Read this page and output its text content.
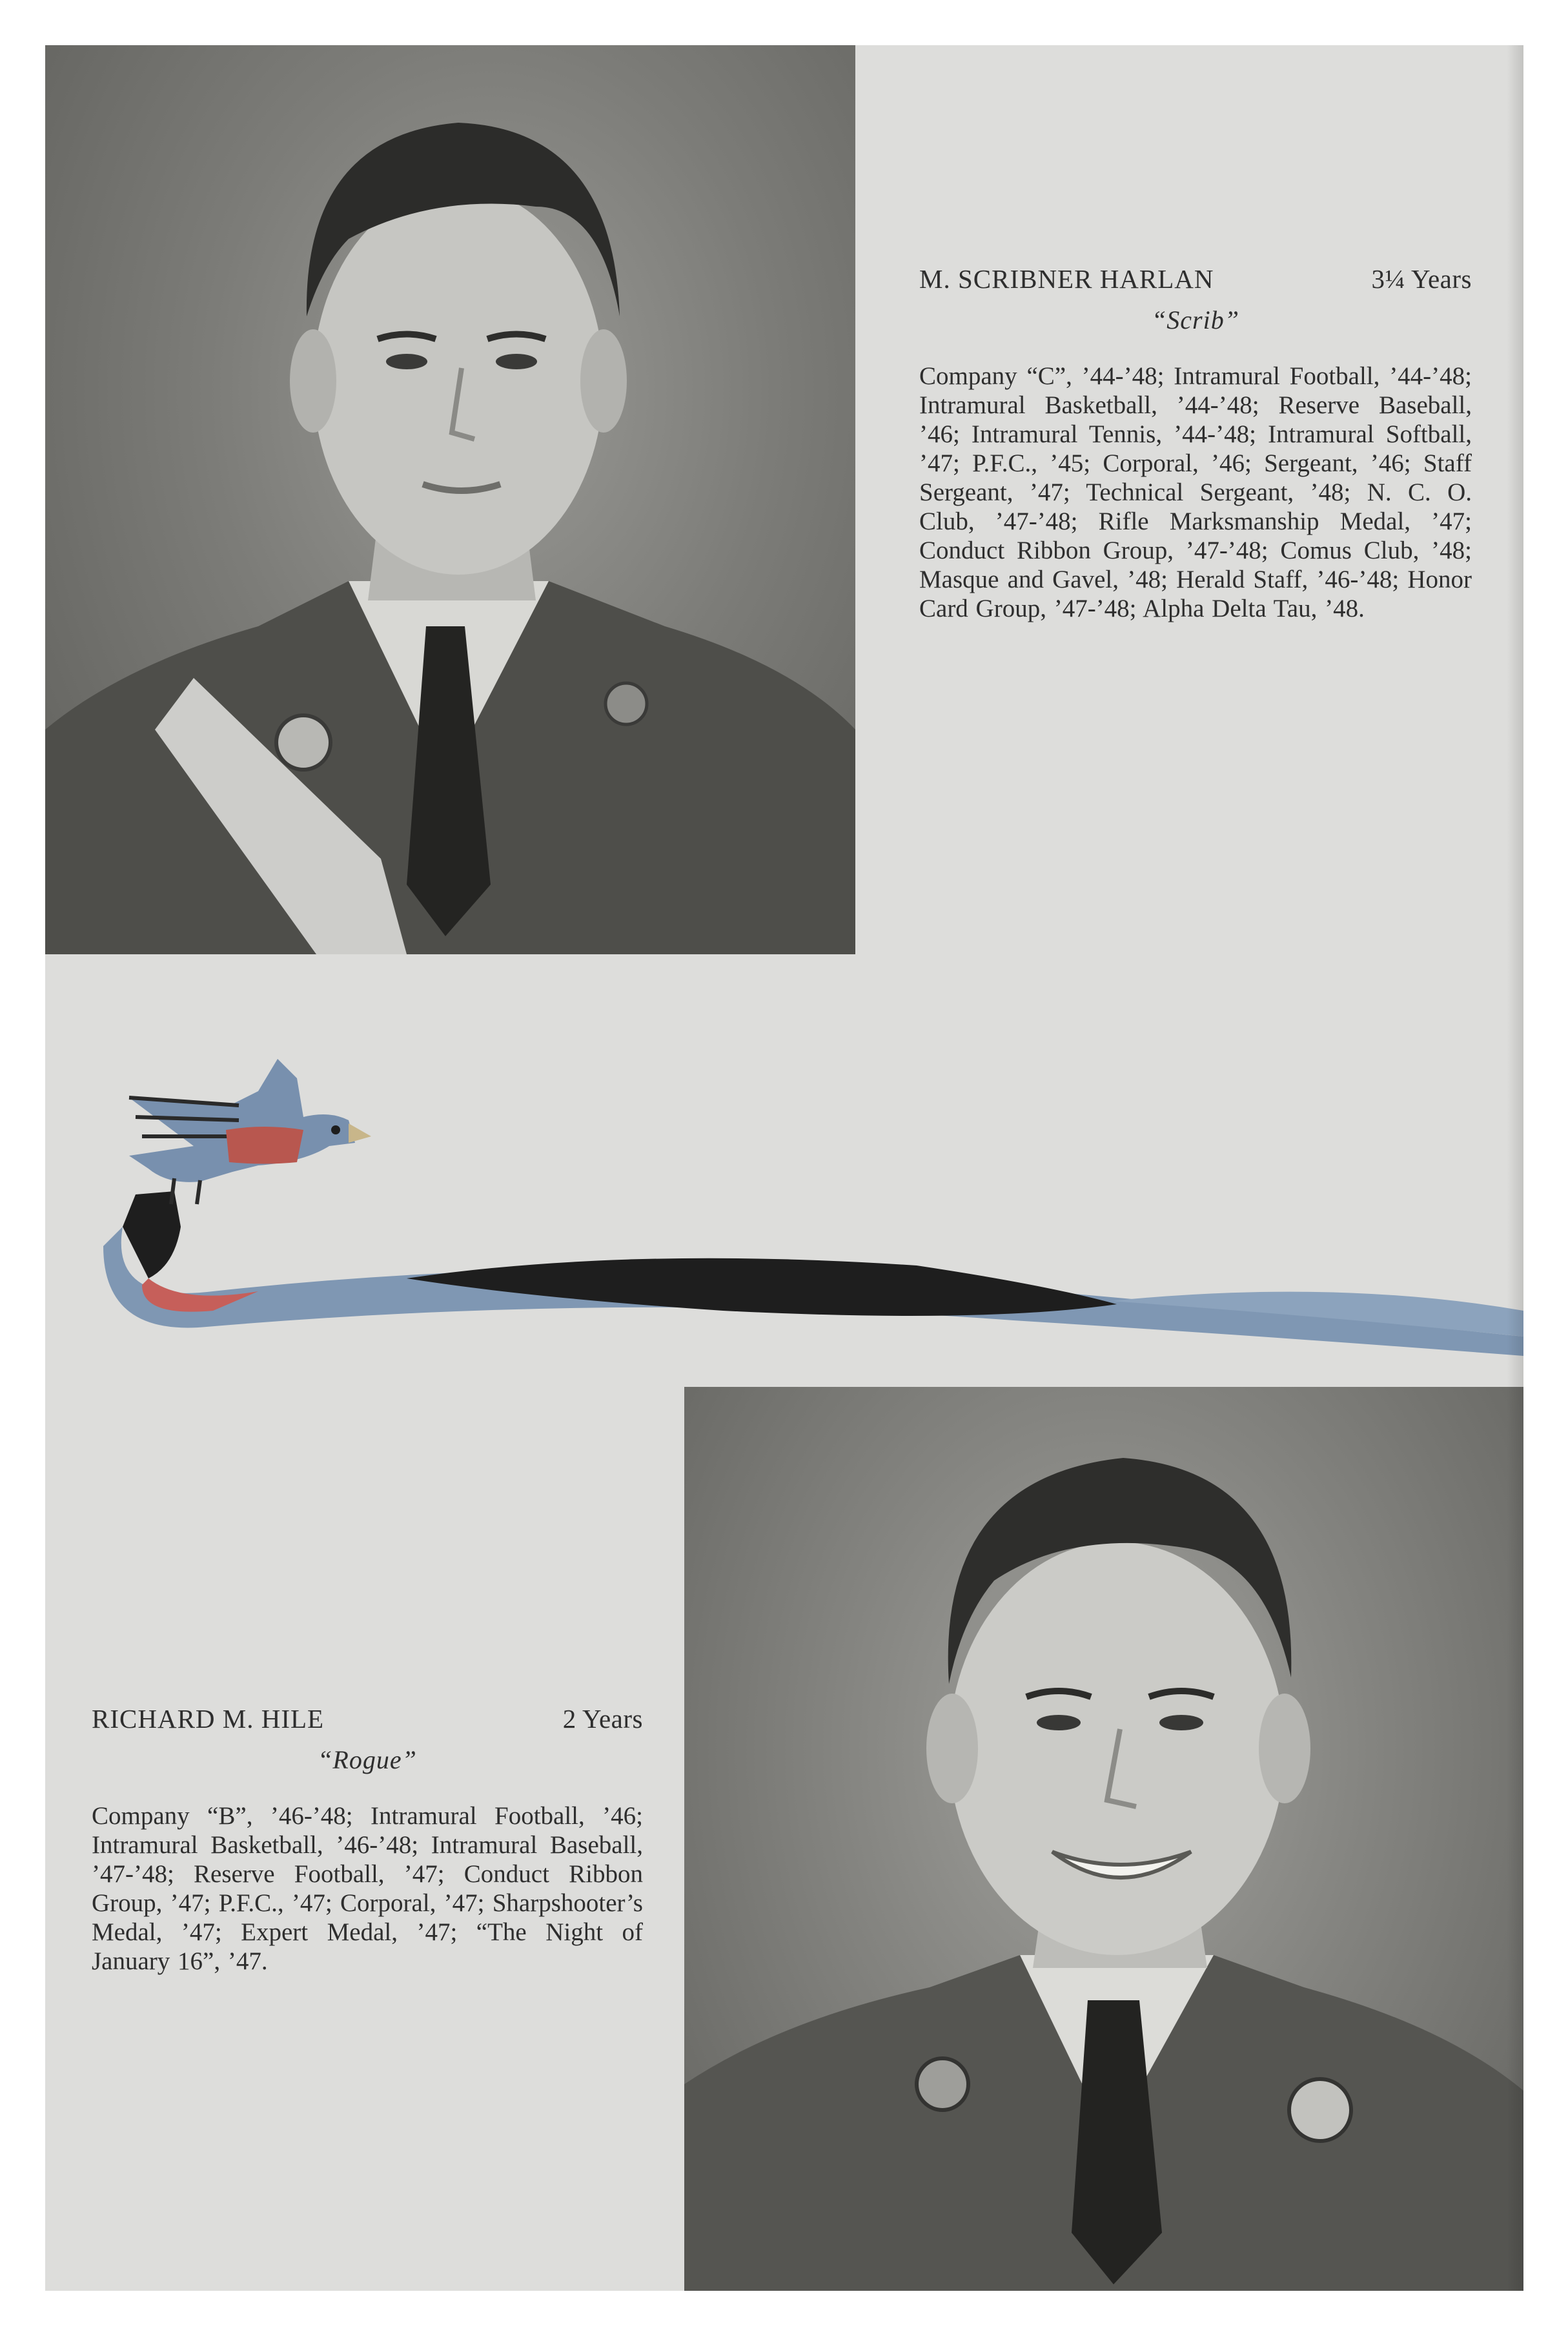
M. SCRIBNER HARLAN	3¼ Years
“Scrib”
Company “C”, ’44-’48; Intramural Football, ’44-’48; Intramural Basketball, ’44-’48; Reserve Baseball, ’46; Intramural Tennis, ’44-’48; Intramural Softball, ’47; P.F.C., ’45; Corporal, ’46; Sergeant, ’46; Staff Sergeant, ’47; Technical Sergeant, ’48; N. C. O. Club, ’47-’48; Rifle Marksmanship Medal, ’47; Conduct Ribbon Group, ’47-’48; Comus Club, ’48; Masque and Gavel, ’48; Herald Staff, ’46-’48; Honor Card Group, ’47-’48; Alpha Delta Tau, ’48.
RICHARD M. HILE	2 Years
“Rogue”
Company “B”, ’46-’48; Intramural Football, ’46; Intramural Basketball, ’46-’48; Intramural Baseball, ’47-’48; Reserve Football, ’47; Conduct Ribbon Group, ’47; P.F.C., ’47; Corporal, ’47; Sharpshooter’s Medal, ’47; Expert Medal, ’47; “The Night of January 16”, ’47.
